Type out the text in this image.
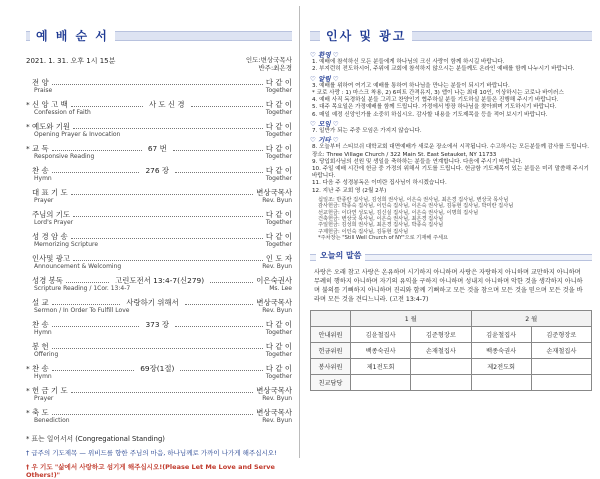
예 배 순 서
2021. 1. 31. 오후 1시 15분	인도:변상국목사
반주:최은경
전 양	다 같 이
Praise	Together
* 신 앙 고 백	사 도 신 경	다 같 이
Confession of Faith	Together
* 예도와 기원	다 같 이
Opening Prayer & Invocation	Together
* 교 독	67 번	다 같 이
Responsive Reading	Together
찬 송	276 장	다 같 이
Hymn	Together
대 표 기 도	변상국목사
Prayer	Rev. Byun
주님의 기도	다 같 이
Lord's Prayer	Together
성 경 암 송	다 같 이
Memorizing Scripture	Together
인사및 광고	인 도 자
Announcement & Welcoming	Rev. Byun
성경 봉독	고린도전서 13:4-7(신279)	이은숙권사
Scripture Reading / 1Cor. 13:4-7	Ms. Lee
설 교	사랑하기 위해서	변상국목사
Sermon / In Order To Fulfill Love	Rev. Byun
찬 송	373 장	다 같 이
Hymn	Together
봉 헌	다 같 이
Offering	Together
* 찬 송	69장(1절)	다 같 이
Hymn	Together
* 헌 금 기 도	변상국목사
Prayer	Rev. Byun
* 축 도	변상국목사
Benediction	Rev. Byun
* 표는 일어서서 (Congregational Standing)
† 급주의 기도제목 — 위비드를 향한 주님의 마음, 하나님께로 가까이 나가게 해주십시오!
† 우 기도 "삶에서 사랑하고 섬기게 해주십시오!(Please Let Me Love and Serve Others!)"
인사 및 광고
♡ 환영 ♡
1. 예배에 참석하신 모든 분들에게 하나님의 크신 사랑이 함께 하시길 바랍니다.
2. 부지런히 전도하시어, 주위에 교회에 참석하지 않으시는 분들께도 온라인 예배를 함께 나누시기 바랍니다.
♡ 알림 ♡
3. 예배를 위하여 여기고 예배를 통하여 하나님을 만나는 분들이 되시기 바랍니다.
* 코로 사랑 : 1) 마스크 착용, 2) 6피트 간격유지, 3) 앱이 나는 최대 10인, 이상하시는 코로나 바이러스
4. 예배 사직 독경하실 분들 그리고 찬양인기 협주하실 분들 기도하실 분들은 진행해 주시기 바랍니다.
5. 대주 목요일은 가정예배를 함께 드립니다. 가정에서 방장 하나님을 찾아뵈며 기도하시기 바랍니다.
6. 매일 예정 신앙인가를 소중히 하십시오. 감사할 내용을 기도제목을 등을 적어 보시기 바랍니다.
♡ 모임 ♡
7. 일반가 되는 주중 모임은 가지지 않습니다.
♡ 기타 ♡
8. 오늘부터 스티브쉬 대학교회 대면예배가 새로운 장소에서 시작됩니다. 수고하시는 모든분들께 감사를 드립니다. 장소: Three Village Church / 322 Main St. East Setauket, NY 11733
9. 당입회사님의 선원 및 생일을 축하하는 분들을 연계합니다. 다음에 주시기 바랍니다.
10. 주일 예배 시간에 헌금 중 가정의 위해서 기도를 드립니다. 헌금함 기도제목이 있는 분들은 미리 말씀해 주시기 바랍니다.
11. 다음 주 성경봉독은 이미란 집사님이 하시겠습니다.
12. 지난 주 교회 영 (2월 2부)
십일조: 반종란 집사님, 김성희 권사님, 이은숙 권사님, 최은경 집사님, 변상국 목사님
감사헌금: 박종숙 집사님, 이인숙 집사님, 이은숙 권사님, 김동현 집사님, 박미란 집사님
선교헌금: 이다연 성도님, 김신실 집사님, 이은숙 권사님, 이명희 집사님
건축헌금: 변상국 목사님, 이은숙 권사님, 최은경 집사님
주일헌금: 김성희 권사님, 최은경 집사님, 박종숙 집사님
구제헌금: 이인숙 집사님, 김동현 집사님
*주차장는 "Still Well Church of NY"으로 기재해 주세요
오늘의 말씀
사랑은 오래 참고 사랑은 온유하며 시기하지 아니하며 사랑은 자랑하지 아니하며 교만하지 아니하며 무례히 행하지 아니하며 자기의 유익을 구하지 아니하며 성내지 아니하며 악한 것을 생각하지 아니하며 불의를 기뻐하지 아니하며 진리와 함께 기뻐하고 모든 것을 참으며 모든 것을 믿으며 모든 것을 바라며 모든 것을 견디느니라. (고전 13:4-7)
	1 월		2 월	
안내위원	김윤철집사	김준형장로	김윤철집사	김준형장로
헌금위원	백종숙권사	손재철집사	백종숙권사	손재철집사
봉사위원	제1전도회		제2전도회	
친교담당				
